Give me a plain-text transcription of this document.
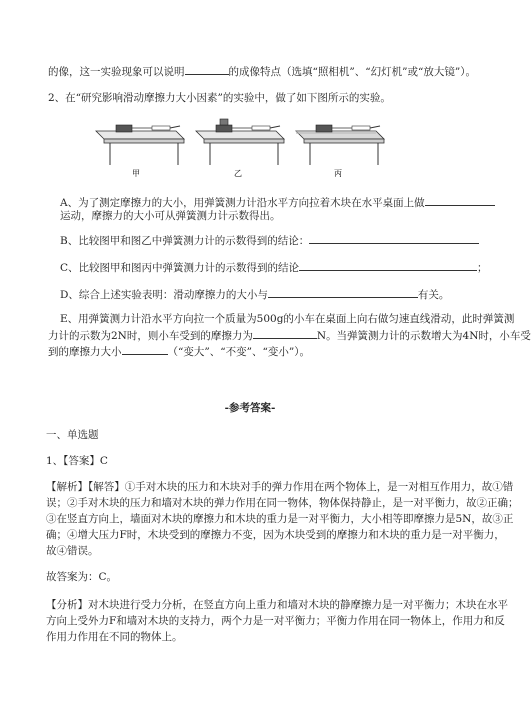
的像，这一实验现象可以说明	的成像特点（选填“照相机”、“幻灯机”或“放大镜”）。
2、在“研究影响滑动摩擦力大小因素”的实验中，做了如下图所示的实验。
甲	乙	丙
A、为了测定摩擦力的大小，用弹簧测力计沿水平方向拉着木块在水平桌面上做
运动，摩擦力的大小可从弹簧测力计示数得出。
B、比较图甲和图乙中弹簧测力计的示数得到的结论：
C、比较图甲和图丙中弹簧测力计的示数得到的结论	；
D、综合上述实验表明：滑动摩擦力的大小与	有关。
E、用弹簧测力计沿水平方向拉一个质量为500g的小车在桌面上向右做匀速直线滑动，此时弹簧测
力计的示数为2N时，则小车受到的摩擦力为	N。当弹簧测力计的示数增大为4N时，小车受
到的摩擦力大小	（“变大”、“不变”、“变小”）。
-参考答案-
一、单选题
1、【答案】C
【解析】【解答】①手对木块的压力和木块对手的弹力作用在两个物体上，是一对相互作用力，故①错
误；②手对木块的压力和墙对木块的弹力作用在同一物体，物体保持静止，是一对平衡力，故②正确；
③在竖直方向上，墙面对木块的摩擦力和木块的重力是一对平衡力，大小相等即摩擦力是5N，故③正
确；④增大压力F时，木块受到的摩擦力不变，因为木块受到的摩擦力和木块的重力是一对平衡力，
故④错误。
故答案为：C。
【分析】对木块进行受力分析，在竖直方向上重力和墙对木块的静摩擦力是一对平衡力；木块在水平
方向上受外力F和墙对木块的支持力，两个力是一对平衡力；平衡力作用在同一物体上，作用力和反
作用力作用在不同的物体上。
